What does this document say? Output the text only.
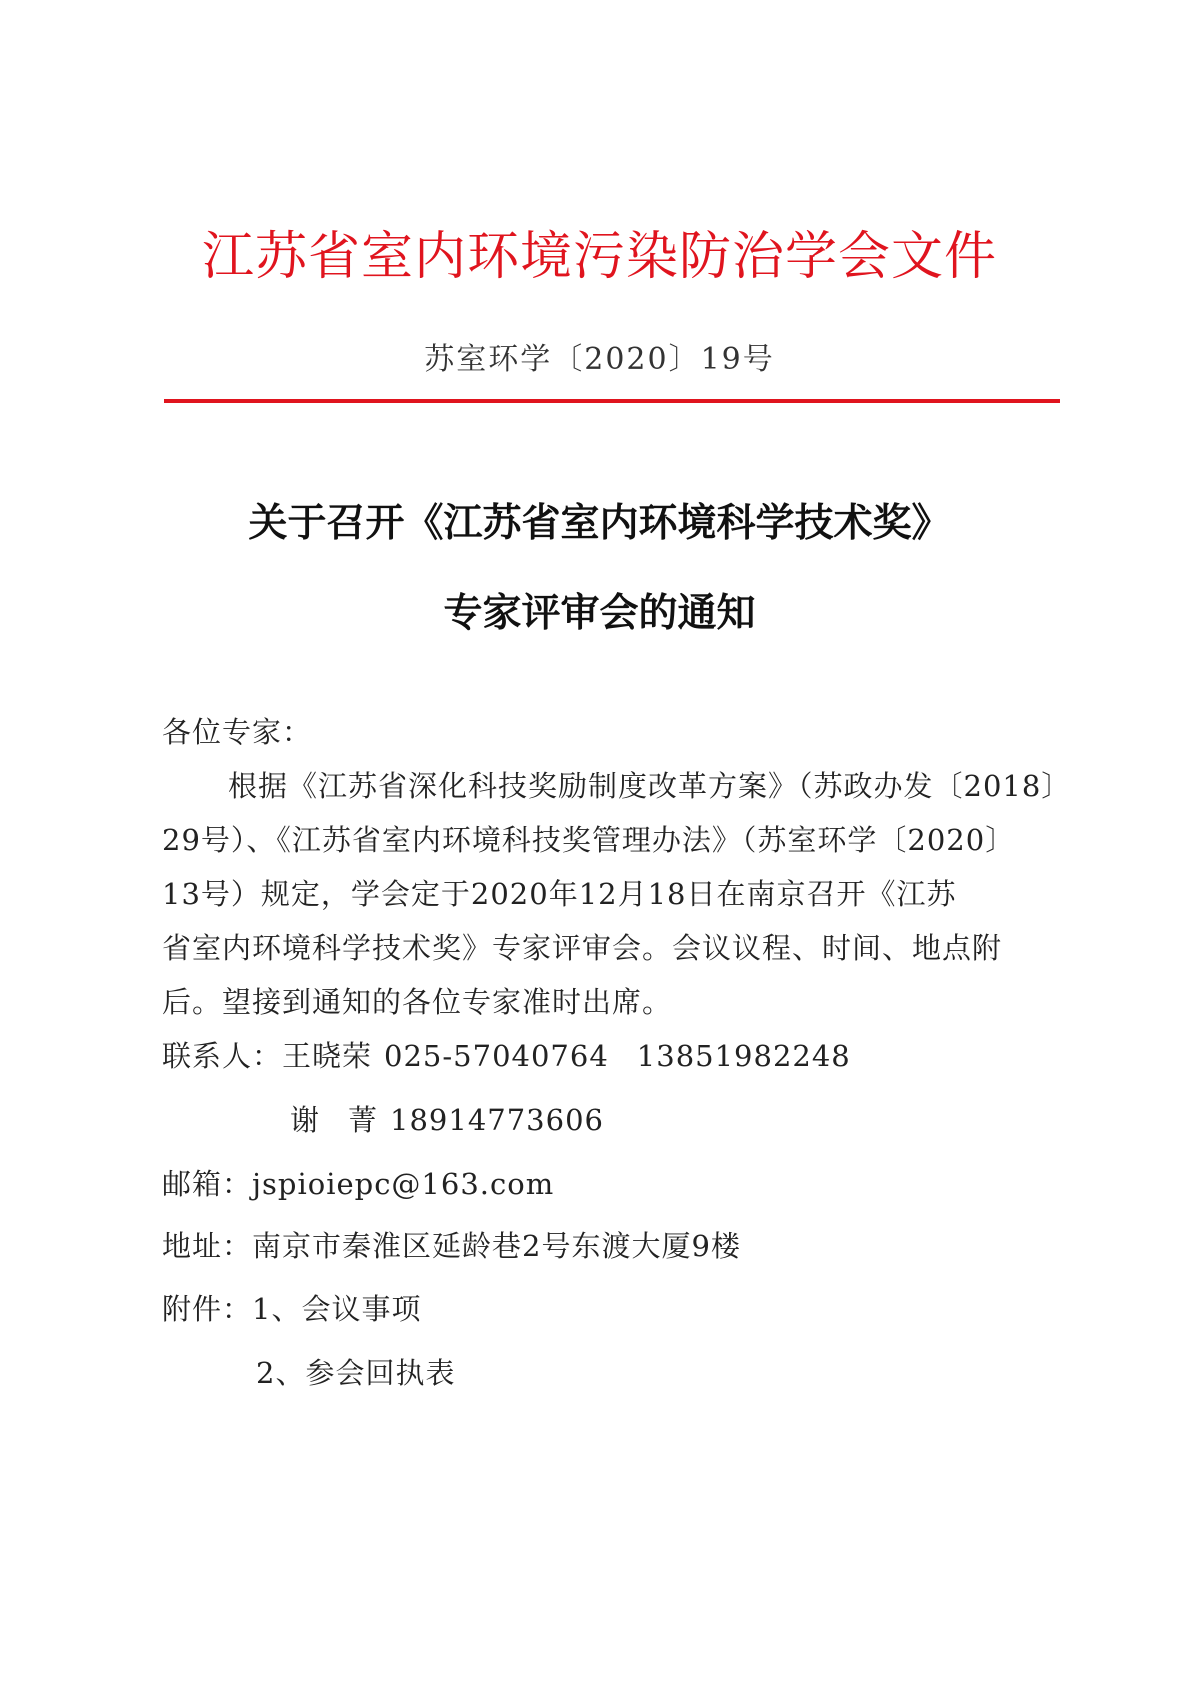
江苏省室内环境污染防治学会文件
苏室环学〔2020〕19号
关于召开《江苏省室内环境科学技术奖》
专家评审会的通知
各位专家：
根据《江苏省深化科技奖励制度改革方案》（苏政办发〔2018〕
29号）、《江苏省室内环境科技奖管理办法》（苏室环学〔2020〕
13号）规定，学会定于2020年12月18日在南京召开《江苏
省室内环境科学技术奖》专家评审会。会议议程、时间、地点附
后。望接到通知的各位专家准时出席。
联系人：王晓荣 025-57040764 13851982248
谢 菁 18914773606
邮箱：jspioiepc@163.com
地址：南京市秦淮区延龄巷2号东渡大厦9楼
附件：1、会议事项
2、参会回执表
